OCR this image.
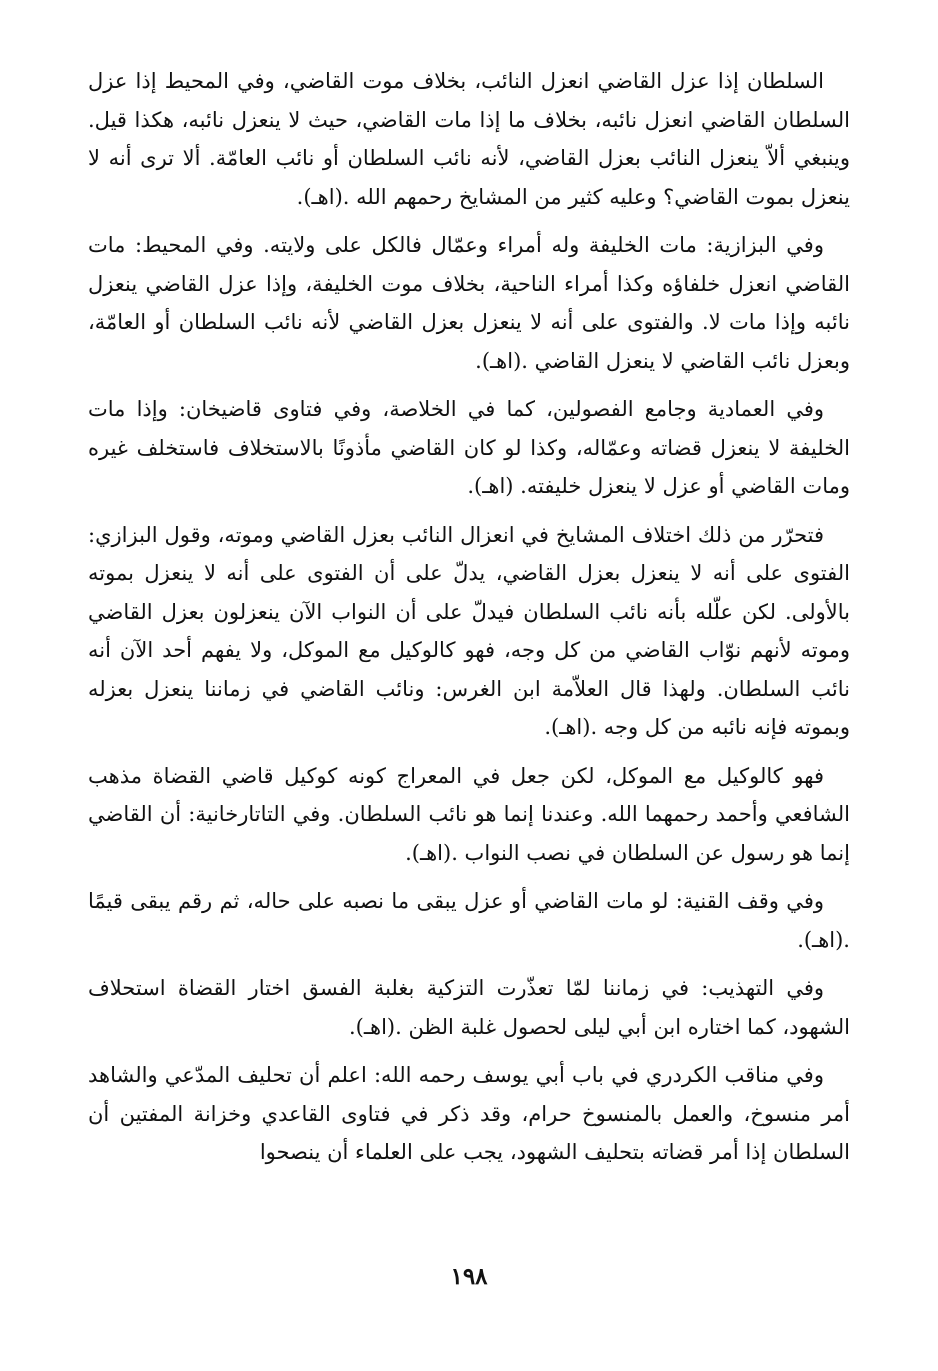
السلطان إذا عزل القاضي انعزل النائب، بخلاف موت القاضي، وفي المحيط إذا عزل السلطان القاضي انعزل نائبه، بخلاف ما إذا مات القاضي، حيث لا ينعزل نائبه، هكذا قيل. وينبغي ألاّ ينعزل النائب بعزل القاضي، لأنه نائب السلطان أو نائب العامّة. ألا ترى أنه لا ينعزل بموت القاضي؟ وعليه كثير من المشايخ رحمهم الله .(اهـ).

وفي البزازية: مات الخليفة وله أمراء وعمّال فالكل على ولايته. وفي المحيط: مات القاضي انعزل خلفاؤه وكذا أمراء الناحية، بخلاف موت الخليفة، وإذا عزل القاضي ينعزل نائبه وإذا مات لا. والفتوى على أنه لا ينعزل بعزل القاضي لأنه نائب السلطان أو العامّة، وبعزل نائب القاضي لا ينعزل القاضي .(اهـ).

وفي العمادية وجامع الفصولين، كما في الخلاصة، وفي فتاوى قاضيخان: وإذا مات الخليفة لا ينعزل قضاته وعمّاله، وكذا لو كان القاضي مأذونًا بالاستخلاف فاستخلف غيره ومات القاضي أو عزل لا ينعزل خليفته. (اهـ).

فتحرّر من ذلك اختلاف المشايخ في انعزال النائب بعزل القاضي وموته، وقول البزازي: الفتوى على أنه لا ينعزل بعزل القاضي، يدلّ على أن الفتوى على أنه لا ينعزل بموته بالأولى. لكن علّله بأنه نائب السلطان فيدلّ على أن النواب الآن ينعزلون بعزل القاضي وموته لأنهم نوّاب القاضي من كل وجه، فهو كالوكيل مع الموكل، ولا يفهم أحد الآن أنه نائب السلطان. ولهذا قال العلاّمة ابن الغرس: ونائب القاضي في زماننا ينعزل بعزله وبموته فإنه نائبه من كل وجه .(اهـ).

فهو كالوكيل مع الموكل، لكن جعل في المعراج كونه كوكيل قاضي القضاة مذهب الشافعي وأحمد رحمهما الله. وعندنا إنما هو نائب السلطان. وفي التاتارخانية: أن القاضي إنما هو رسول عن السلطان في نصب النواب .(اهـ).

وفي وقف القنية: لو مات القاضي أو عزل يبقى ما نصبه على حاله، ثم رقم يبقى قيمًا .(اهـ).

وفي التهذيب: في زماننا لمّا تعذّرت التزكية بغلبة الفسق اختار القضاة استحلاف الشهود، كما اختاره ابن أبي ليلى لحصول غلبة الظن .(اهـ).

وفي مناقب الكردري في باب أبي يوسف رحمه الله: اعلم أن تحليف المدّعي والشاهد أمر منسوخ، والعمل بالمنسوخ حرام، وقد ذكر في فتاوى القاعدي وخزانة المفتين أن السلطان إذا أمر قضاته بتحليف الشهود، يجب على العلماء أن ينصحوا

١٩٨
